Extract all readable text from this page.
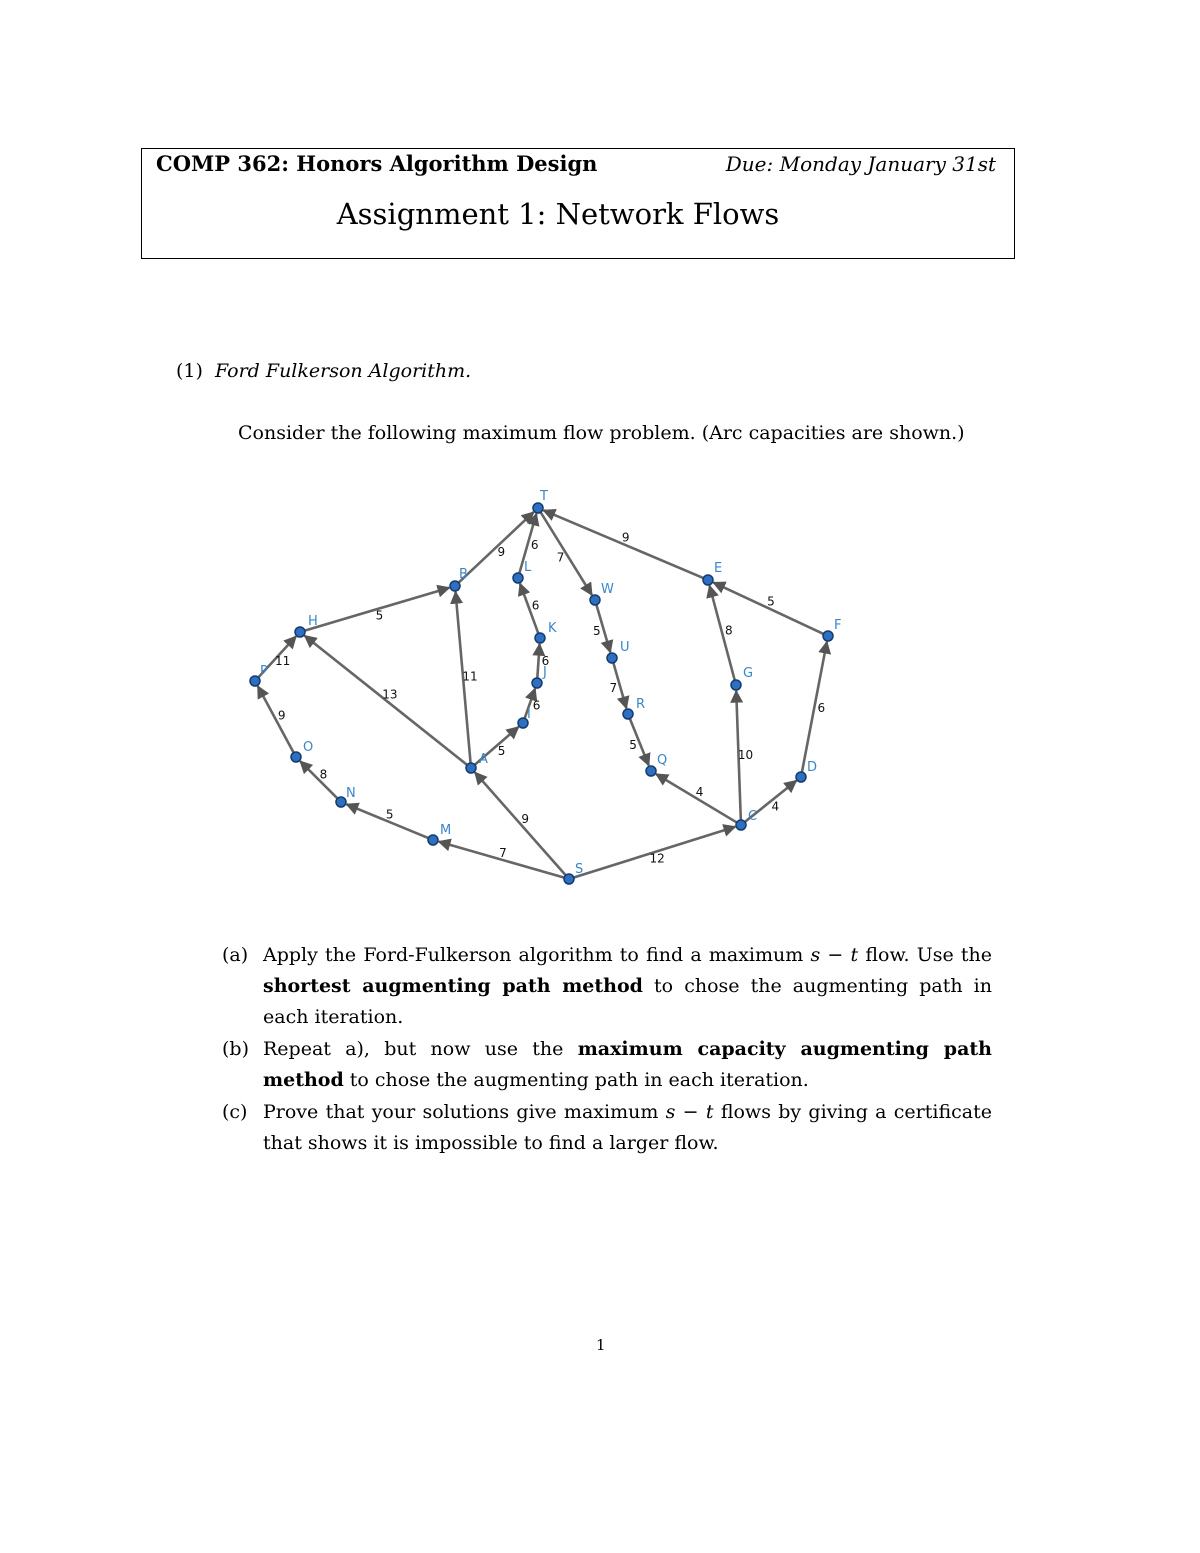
COMP 362: Honors Algorithm Design	Due: Monday January 31st
Assignment 1: Network Flows
(1) Ford Fulkerson Algorithm.
Consider the following maximum flow problem. (Arc capacities are shown.)
7
5
8
9
11
5
13
11
9
9
5
6
6
6
6
7
5
7
5
4
12
10
8
9
4
6
5
T
B	L
W
E
H	K
U
F
P	J	G
I
R
O
A	Q	D
N
C
M
S
(a) Apply the Ford-Fulkerson algorithm to find a maximum s − t flow. Use the shortest augmenting path method to chose the augmenting path in each iteration.
(b) Repeat a), but now use the maximum capacity augmenting path method to chose the augmenting path in each iteration.
(c) Prove that your solutions give maximum s − t flows by giving a certificate that shows it is impossible to find a larger flow.
1
